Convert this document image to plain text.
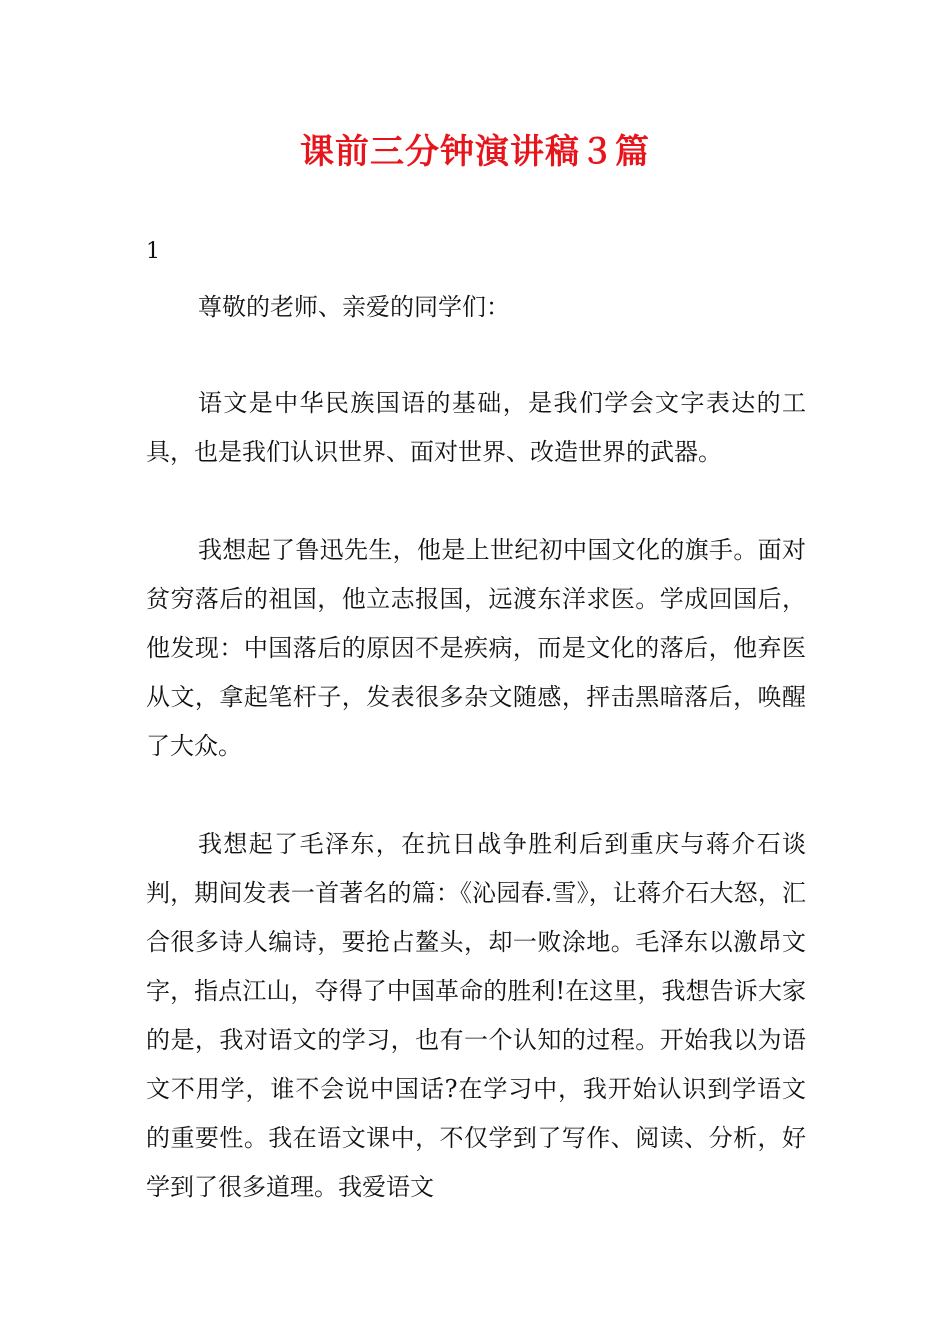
课前三分钟演讲稿３篇
1
尊敬的老师、亲爱的同学们：
语文是中华民族国语的基础，是我们学会文字表达的工具，也是我们认识世界、面对世界、改造世界的武器。
我想起了鲁迅先生，他是上世纪初中国文化的旗手。面对贫穷落后的祖国，他立志报国，远渡东洋求医。学成回国后，他发现：中国落后的原因不是疾病，而是文化的落后，他弃医从文，拿起笔杆子，发表很多杂文随感，抨击黑暗落后，唤醒了大众。
我想起了毛泽东，在抗日战争胜利后到重庆与蒋介石谈判，期间发表一首著名的篇：《沁园春.雪》，让蒋介石大怒，汇合很多诗人编诗，要抢占鳌头，却一败涂地。毛泽东以激昂文字，指点江山，夺得了中国革命的胜利!在这里，我想告诉大家的是，我对语文的学习，也有一个认知的过程。开始我以为语文不用学，谁不会说中国话?在学习中，我开始认识到学语文的重要性。我在语文课中，不仅学到了写作、阅读、分析，好学到了很多道理。我爱语文
